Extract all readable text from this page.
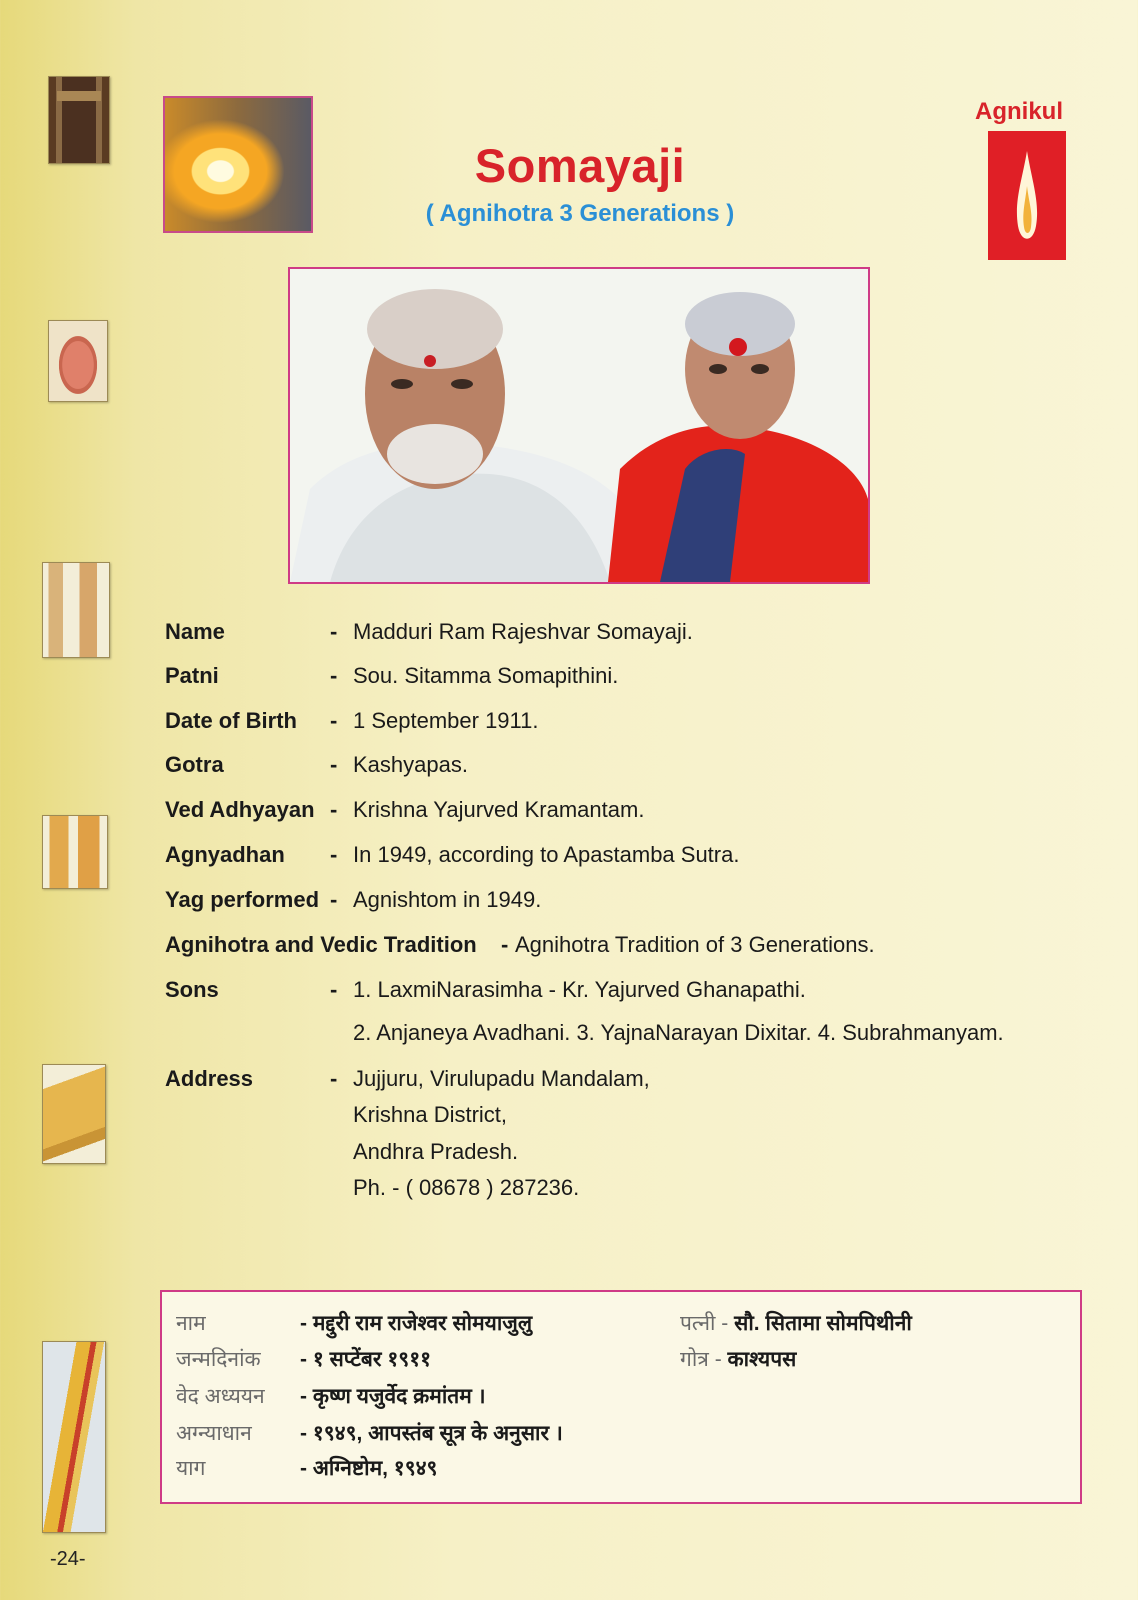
-24-
Somayaji
( Agnihotra 3 Generations )
Agnikul
Name	- Madduri Ram Rajeshvar Somayaji.
Patni	- Sou. Sitamma Somapithini.
Date of Birth - 1 September 1911.
Gotra	- Kashyapas.
Ved Adhyayan - Krishna Yajurved Kramantam.
Agnyadhan - In 1949, according to Apastamba Sutra.
Yag performed - Agnishtom in 1949.
Agnihotra and Vedic Tradition - Agnihotra Tradition of 3 Generations.
Sons	- 1. LaxmiNarasimha - Kr. Yajurved Ghanapathi.
2. Anjaneya Avadhani. 3. YajnaNarayan Dixitar. 4. Subrahmanyam.
Address	- Jujjuru, Virulupadu Mandalam,
Krishna District,
Andhra Pradesh.
Ph. - ( 08678 ) 287236.
नाम	- मद्दुरी राम राजेश्वर सोमयाजुलु
जन्मदिनांक - १ सप्टेंबर १९११
वेद अध्ययन - कृष्ण यजुर्वेद क्रमांतम ।
अग्न्याधान - १९४९, आपस्तंब सूत्र के अनुसार ।
याग	- अग्निष्टोम, १९४९
पत्नी - सौ. सितामा सोमपिथीनी
गोत्र - काश्यपस
